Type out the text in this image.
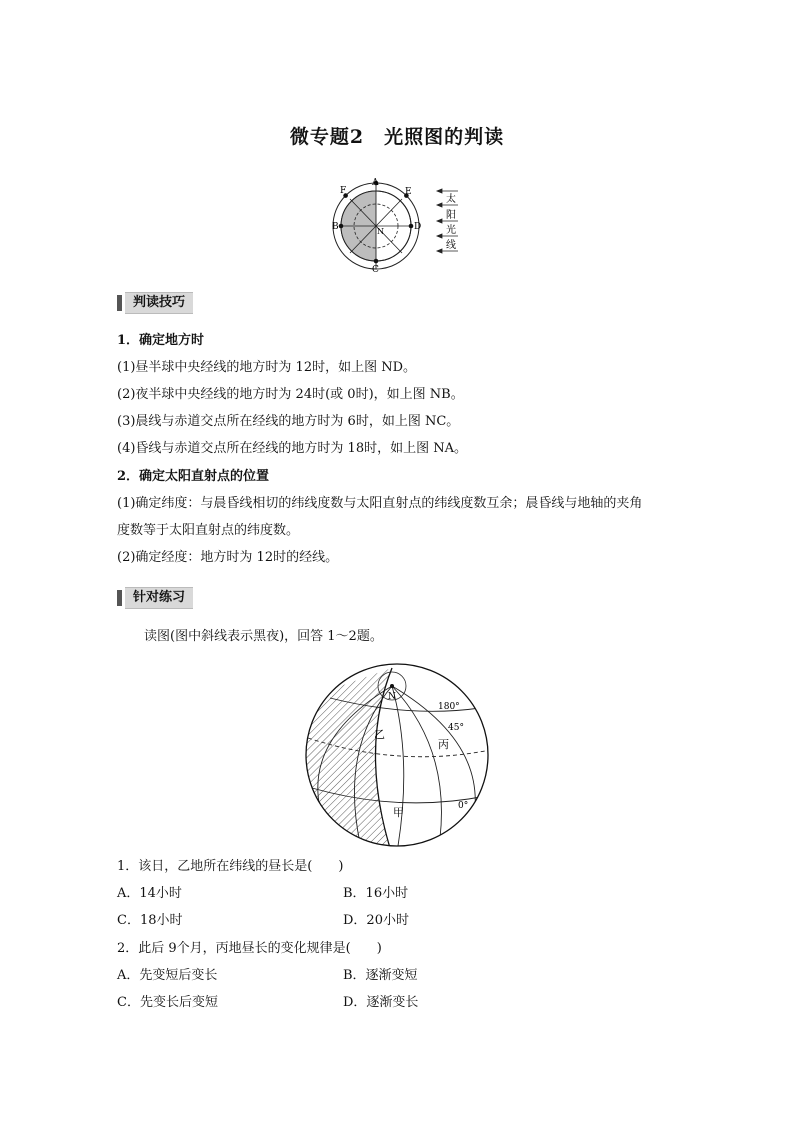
微专题2　光照图的判读
A
F	E
B	D
C
N
太
阳
光
线
判读技巧
1．确定地方时
(1)昼半球中央经线的地方时为 12时，如上图 ND。
(2)夜半球中央经线的地方时为 24时(或 0时)，如上图 NB。
(3)晨线与赤道交点所在经线的地方时为 6时，如上图 NC。
(4)昏线与赤道交点所在经线的地方时为 18时，如上图 NA。
2．确定太阳直射点的位置
(1)确定纬度：与晨昏线相切的纬线度数与太阳直射点的纬线度数互余；晨昏线与地轴的夹角
度数等于太阳直射点的纬度数。
(2)确定经度：地方时为 12时的经线。
针对练习
读图(图中斜线表示黑夜)，回答 1～2题。
N
180°
45°
乙
丙
甲	0°
1．该日，乙地所在纬线的昼长是(　　)
A．14小时	B．16小时
C．18小时	D．20小时
2．此后 9个月，丙地昼长的变化规律是(　　)
A．先变短后变长	B．逐渐变短
C．先变长后变短	D．逐渐变长
